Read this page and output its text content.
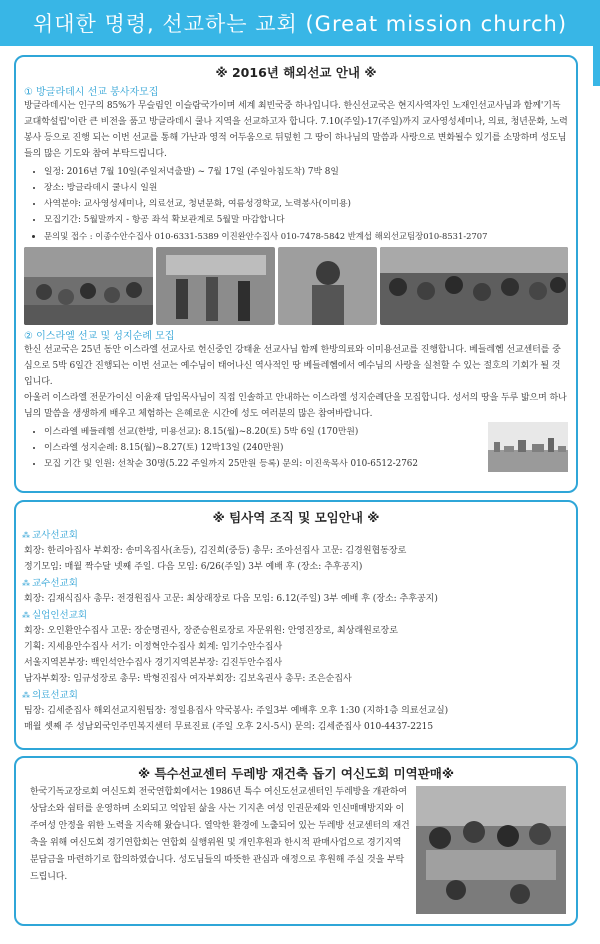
위대한 명령, 선교하는 교회 (Great mission church)
※ 2016년 해외선교 안내 ※
① 방글라데시 선교 봉사자모집
방글라데시는 인구의 85%가 무슬림인 이슬람국가이며 세계 최빈국중 하나입니다. 한신선교국은 현지사역자인 노재인선교사님과 함께'기독교대학설립'이란 큰 비전을 품고 방글라데시 쿨나 지역을 선교하고자 합니다. 7.10(주일)-17(주일)까지 교사영성세미나, 의료, 청년문화, 노력봉사 등으로 진행 되는 이번 선교를 통해 가난과 영적 어두움으로 뒤덮힌 그 땅이 하나님의 말씀과 사랑으로 변화될수 있기를 소망하며 성도님들의 많은 기도와 참여 부탁드립니다.
• 일정: 2016년 7월 10일(주일저녁출발) ~ 7월 17일 (주일아침도착) 7박 8일
• 장소: 방글라데시 쿨나시 일원
• 사역분야: 교사영성세미나, 의료선교, 청년문화, 여름성경학교, 노력봉사(이미용)
• 모집기간: 5월말까지 - 항공 좌석 확보관계로 5월말 마감합니다
• 문의및 접수 : 이종수안수집사 010-6331-5389 이진완안수집사 010-7478-5842 반계섭 해외선교팀장010-8531-2707
② 이스라엘 선교 및 성지순례 모집
한신 선교국은 25년 동안 이스라엘 선교사로 헌신중인 강태윤 선교사님 함께 한방의료와 이미용선교를 진행합니다. 베들레헴 선교센터를 중심으로 5박 6일간 진행되는 이번 선교는 예수님이 태어나신 역사적인 땅 베들레헴에서 예수님의 사랑을 실천할 수 있는 절호의 기회가 될 것입니다.
아울러 이스라엘 전문가이신 이윤재 담임목사님이 직접 인솔하고 안내하는 이스라엘 성지순례단을 모집합니다. 성서의 땅을 두루 밟으며 하나님의 말씀을 생생하게 배우고 체험하는 은혜로운 시간에 성도 여러분의 많은 참여바랍니다.
• 이스라엘 베들레헴 선교(한방, 미용선교): 8.15(월)~8.20(토) 5박 6일 (170만원)
• 이스라엘 성지순례: 8.15(월)~8.27(토) 12박13일 (240만원)
• 모집 기간 및 인원: 선착순 30명(5.22 주일까지 25만원 등록) 문의: 이진욱목사 010-6512-2762
※ 팀사역 조직 및 모임안내 ※
⁂ 교사선교회
회장: 한리아집사 부회장: 송미옥집사(초등), 김진희(중등) 총무: 조아선집사 고문: 김경원협동장로
정기모임: 매월 짝수달 넷째 주일. 다음 모임: 6/26(주일) 3부 예배 후 (장소: 추후공지)
⁂ 교수선교회
회장: 김재식집사 총무: 전경원집사 고문: 최상래장로 다음 모임: 6.12(주일) 3부 예배 후 (장소: 추후공지)
⁂ 실업인선교회
회장: 오인환안수집사 고문: 장순명권사, 장준승원로장로 자문위원: 안영진장로, 최상래원로장로
기획: 지세용안수집사 서기: 이정혁안수집사 회계: 임기수안수집사
서울지역본부장: 백인석안수집사 경기지역본부장: 김진두안수집사
남자부회장: 임규성장로 총무: 박형진집사 여자부회장: 김보옥권사 총무: 조은순집사
⁂ 의료선교회
팀장: 김세준집사 해외선교지원팀장: 정일용집사 약국봉사: 주일3부 예배후 오후 1:30 (지하1층 의료선교실)
매월 셋째 주 성남외국인주민복지센터 무료진료 (주일 오후 2시-5시) 문의: 김세준집사 010-4437-2215
※ 특수선교센터 두레방 재건축 돕기 여신도회 미역판매※
한국기독교장로회 여신도회 전국연합회에서는 1986년 특수 여신도선교센터인 두레방을 개관하여 상담소와 쉼터를 운영하며 소외되고 억압된 삶을 사는 기지촌 여성 인권문제와 인신매매방지와 이주여성 안정을 위한 노력을 지속해 왔습니다. 열악한 환경에 노출되어 있는 두레방 선교센터의 재건축을 위해 여신도회 경기연합회는 연합회 실행위원 및 개인후원과 한시적 판매사업으로 경기지역 분담금을 마련하기로 합의하였습니다. 성도님들의 따뜻한 관심과 애정으로 후원해 주실 것을 부탁드립니다.
